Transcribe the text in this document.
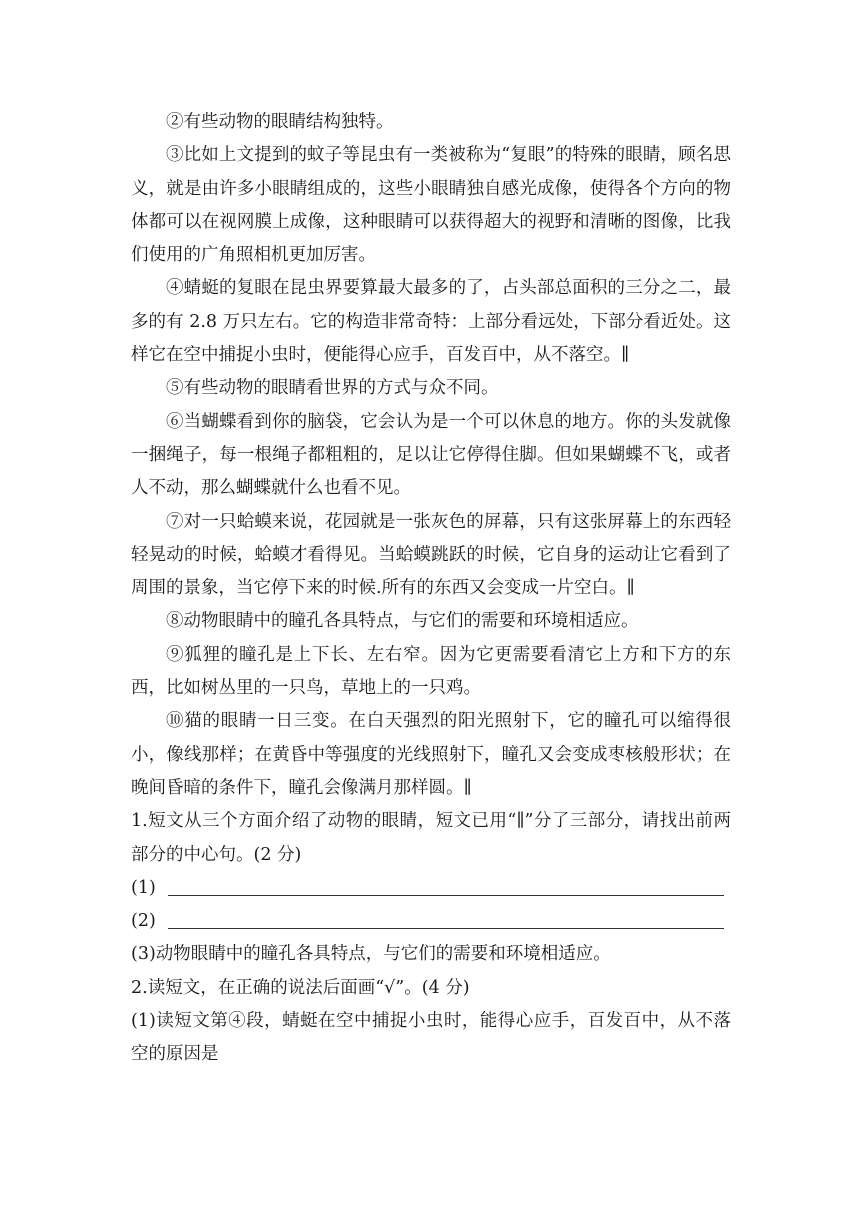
②有些动物的眼睛结构独特。

③比如上文提到的蚊子等昆虫有一类被称为“复眼”的特殊的眼睛，顾名思义，就是由许多小眼睛组成的，这些小眼睛独自感光成像，使得各个方向的物体都可以在视网膜上成像，这种眼睛可以获得超大的视野和清晰的图像，比我们使用的广角照相机更加厉害。

④蜻蜓的复眼在昆虫界要算最大最多的了，占头部总面积的三分之二，最多的有 2.8 万只左右。它的构造非常奇特：上部分看远处，下部分看近处。这样它在空中捕捉小虫时，便能得心应手，百发百中，从不落空。∥

⑤有些动物的眼睛看世界的方式与众不同。

⑥当蝴蝶看到你的脑袋，它会认为是一个可以休息的地方。你的头发就像一捆绳子，每一根绳子都粗粗的，足以让它停得住脚。但如果蝴蝶不飞，或者人不动，那么蝴蝶就什么也看不见。

⑦对一只蛤蟆来说，花园就是一张灰色的屏幕，只有这张屏幕上的东西轻轻晃动的时候，蛤蟆才看得见。当蛤蟆跳跃的时候，它自身的运动让它看到了周围的景象，当它停下来的时候.所有的东西又会变成一片空白。∥

⑧动物眼睛中的瞳孔各具特点，与它们的需要和环境相适应。

⑨狐狸的瞳孔是上下长、左右窄。因为它更需要看清它上方和下方的东西，比如树丛里的一只鸟，草地上的一只鸡。

⑩猫的眼睛一日三变。在白天强烈的阳光照射下，它的瞳孔可以缩得很小，像线那样；在黄昏中等强度的光线照射下，瞳孔又会变成枣核般形状；在晚间昏暗的条件下，瞳孔会像满月那样圆。∥

1.短文从三个方面介绍了动物的眼睛，短文已用“∥”分了三部分，请找出前两部分的中心句。(2 分)

(1)
(2)

(3)动物眼睛中的瞳孔各具特点，与它们的需要和环境相适应。

2.读短文，在正确的说法后面画“√”。(4 分)

(1)读短文第④段，蜻蜓在空中捕捉小虫时，能得心应手，百发百中，从不落空的原因是
